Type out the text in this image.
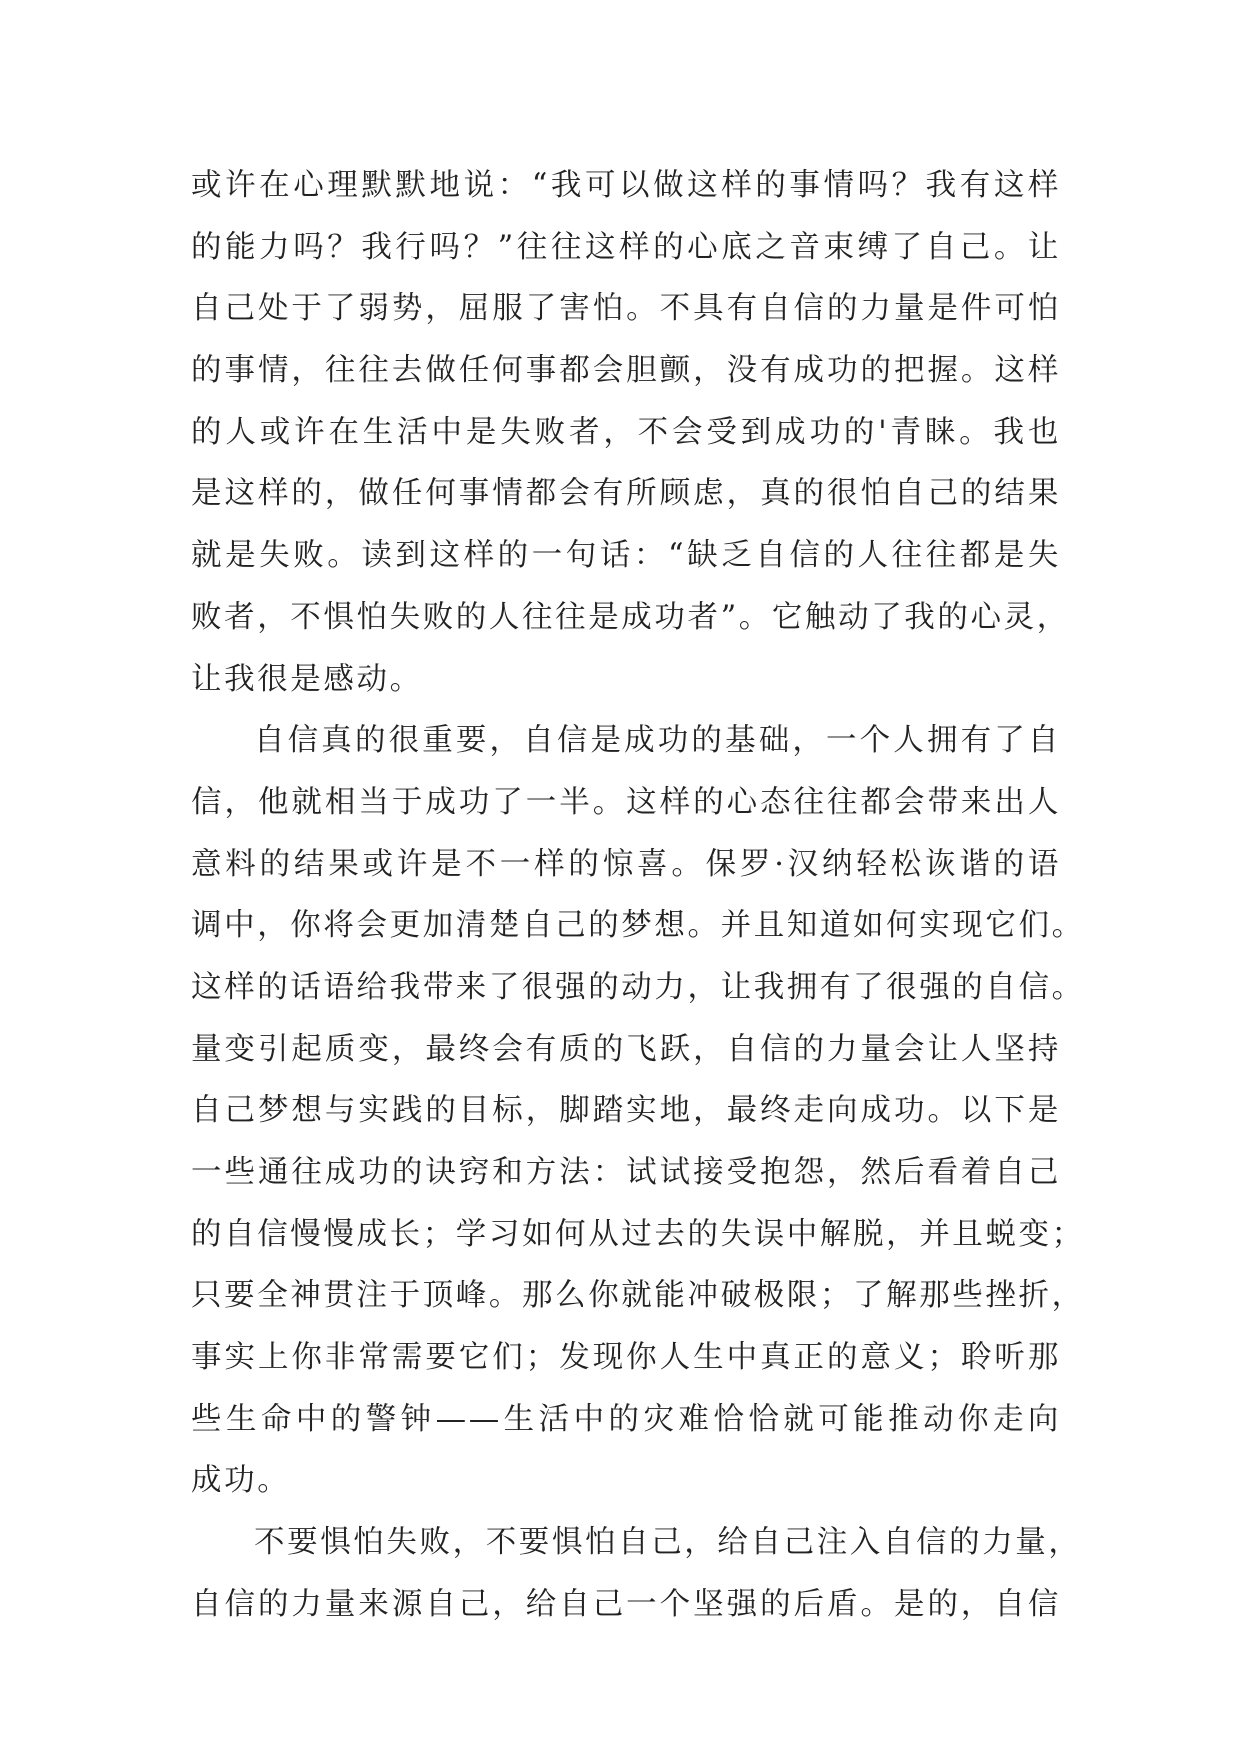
或许在心理默默地说：“我可以做这样的事情吗？我有这样
的能力吗？我行吗？”往往这样的心底之音束缚了自己。让
自己处于了弱势，屈服了害怕。不具有自信的力量是件可怕
的事情，往往去做任何事都会胆颤，没有成功的把握。这样
的人或许在生活中是失败者，不会受到成功的'青睐。我也
是这样的，做任何事情都会有所顾虑，真的很怕自己的结果
就是失败。读到这样的一句话：“缺乏自信的人往往都是失
败者，不惧怕失败的人往往是成功者”。它触动了我的心灵，
让我很是感动。
自信真的很重要，自信是成功的基础，一个人拥有了自
信，他就相当于成功了一半。这样的心态往往都会带来出人
意料的结果或许是不一样的惊喜。保罗·汉纳轻松诙谐的语
调中，你将会更加清楚自己的梦想。并且知道如何实现它们。
这样的话语给我带来了很强的动力，让我拥有了很强的自信。
量变引起质变，最终会有质的飞跃，自信的力量会让人坚持
自己梦想与实践的目标，脚踏实地，最终走向成功。以下是
一些通往成功的诀窍和方法：试试接受抱怨，然后看着自己
的自信慢慢成长；学习如何从过去的失误中解脱，并且蜕变；
只要全神贯注于顶峰。那么你就能冲破极限；了解那些挫折，
事实上你非常需要它们；发现你人生中真正的意义；聆听那
些生命中的警钟——生活中的灾难恰恰就可能推动你走向
成功。
不要惧怕失败，不要惧怕自己，给自己注入自信的力量，
自信的力量来源自己，给自己一个坚强的后盾。是的，自信
